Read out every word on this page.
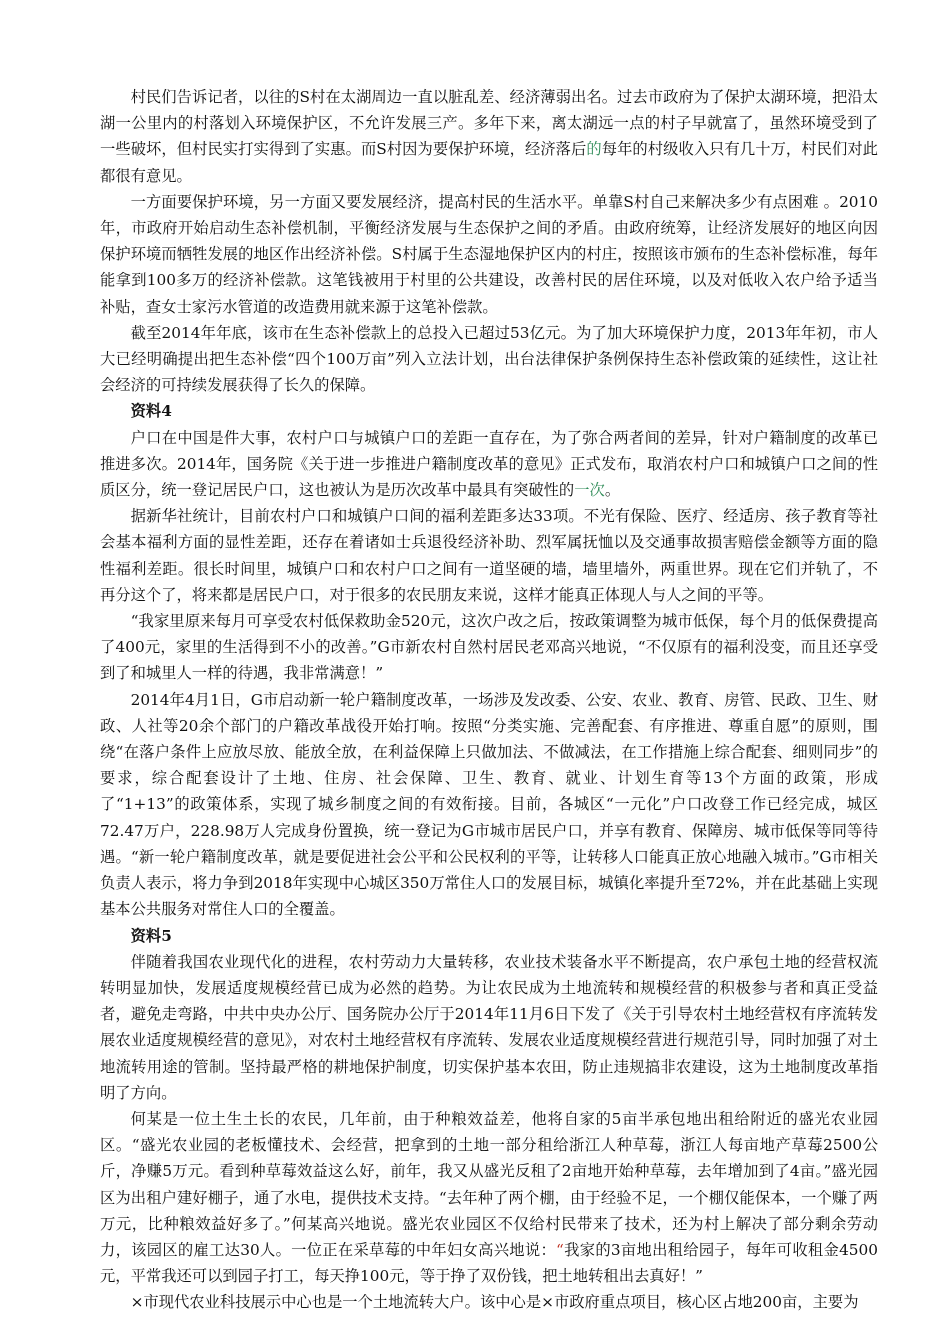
村民们告诉记者，以往的S村在太湖周边一直以脏乱差、经济薄弱出名。过去市政府为了保护太湖环境，把沿太湖一公里内的村落划入环境保护区，不允许发展三产。多年下来，离太湖远一点的村子早就富了，虽然环境受到了一些破坏，但村民实打实得到了实惠。而S村因为要保护环境，经济落后的每年的村级收入只有几十万，村民们对此都很有意见。

一方面要保护环境，另一方面又要发展经济，提高村民的生活水平。单靠S村自己来解决多少有点困难 。2010年，市政府开始启动生态补偿机制，平衡经济发展与生态保护之间的矛盾。由政府统筹，让经济发展好的地区向因保护环境而牺牲发展的地区作出经济补偿。S村属于生态湿地保护区内的村庄，按照该市颁布的生态补偿标准，每年能拿到100多万的经济补偿款。这笔钱被用于村里的公共建设，改善村民的居住环境，以及对低收入农户给予适当补贴，查女士家污水管道的改造费用就来源于这笔补偿款。

截至2014年年底，该市在生态补偿款上的总投入已超过53亿元。为了加大环境保护力度，2013年年初，市人大已经明确提出把生态补偿“四个100万亩”列入立法计划，出台法律保护条例保持生态补偿政策的延续性，这让社会经济的可持续发展获得了长久的保障。

资料4

户口在中国是件大事，农村户口与城镇户口的差距一直存在，为了弥合两者间的差异，针对户籍制度的改革已推进多次。2014年，国务院《关于进一步推进户籍制度改革的意见》正式发布，取消农村户口和城镇户口之间的性质区分，统一登记居民户口，这也被认为是历次改革中最具有突破性的一次。

据新华社统计，目前农村户口和城镇户口间的福利差距多达33项。不光有保险、医疗、经适房、孩子教育等社会基本福利方面的显性差距，还存在着诸如士兵退役经济补助、烈军属抚恤以及交通事故损害赔偿金额等方面的隐性福利差距。很长时间里，城镇户口和农村户口之间有一道坚硬的墙，墙里墙外，两重世界。现在它们并轨了，不再分这个了，将来都是居民户口，对于很多的农民朋友来说，这样才能真正体现人与人之间的平等。

“我家里原来每月可享受农村低保救助金520元，这次户改之后，按政策调整为城市低保，每个月的低保费提高了400元，家里的生活得到不小的改善。”G市新农村自然村居民老邓高兴地说，“不仅原有的福利没变，而且还享受到了和城里人一样的待遇，我非常满意！”

2014年4月1日，G市启动新一轮户籍制度改革，一场涉及发改委、公安、农业、教育、房管、民政、卫生、财政、人社等20余个部门的户籍改革战役开始打响。按照“分类实施、完善配套、有序推进、尊重自愿”的原则，围绕“在落户条件上应放尽放、能放全放，在利益保障上只做加法、不做减法，在工作措施上综合配套、细则同步”的要求，综合配套设计了土地、住房、社会保障、卫生、教育、就业、计划生育等13个方面的政策，形成了“1+13”的政策体系，实现了城乡制度之间的有效衔接。目前，各城区“一元化”户口改登工作已经完成，城区72.47万户，228.98万人完成身份置换，统一登记为G市城市居民户口，并享有教育、保障房、城市低保等同等待遇。“新一轮户籍制度改革，就是要促进社会公平和公民权利的平等，让转移人口能真正放心地融入城市。”G市相关负责人表示，将力争到2018年实现中心城区350万常住人口的发展目标，城镇化率提升至72%，并在此基础上实现基本公共服务对常住人口的全覆盖。

资料5

伴随着我国农业现代化的进程，农村劳动力大量转移，农业技术装备水平不断提高，农户承包土地的经营权流转明显加快，发展适度规模经营已成为必然的趋势。为让农民成为土地流转和规模经营的积极参与者和真正受益者，避免走弯路，中共中央办公厅、国务院办公厅于2014年11月6日下发了《关于引导农村土地经营权有序流转发展农业适度规模经营的意见》，对农村土地经营权有序流转、发展农业适度规模经营进行规范引导，同时加强了对土地流转用途的管制。坚持最严格的耕地保护制度，切实保护基本农田，防止违规搞非农建设，这为土地制度改革指明了方向。

何某是一位土生土长的农民，几年前，由于种粮效益差，他将自家的5亩半承包地出租给附近的盛光农业园区。“盛光农业园的老板懂技术、会经营，把拿到的土地一部分租给浙江人种草莓，浙江人每亩地产草莓2500公斤，净赚5万元。看到种草莓效益这么好，前年，我又从盛光反租了2亩地开始种草莓，去年增加到了4亩。”盛光园区为出租户建好棚子，通了水电，提供技术支持。“去年种了两个棚，由于经验不足，一个棚仅能保本，一个赚了两万元，比种粮效益好多了。”何某高兴地说。盛光农业园区不仅给村民带来了技术，还为村上解决了部分剩余劳动力，该园区的雇工达30人。一位正在采草莓的中年妇女高兴地说：“我家的3亩地出租给园子，每年可收租金4500元，平常我还可以到园子打工，每天挣100元，等于挣了双份钱，把土地转租出去真好！”

×市现代农业科技展示中心也是一个土地流转大户。该中心是×市政府重点项目，核心区占地200亩，主要为
